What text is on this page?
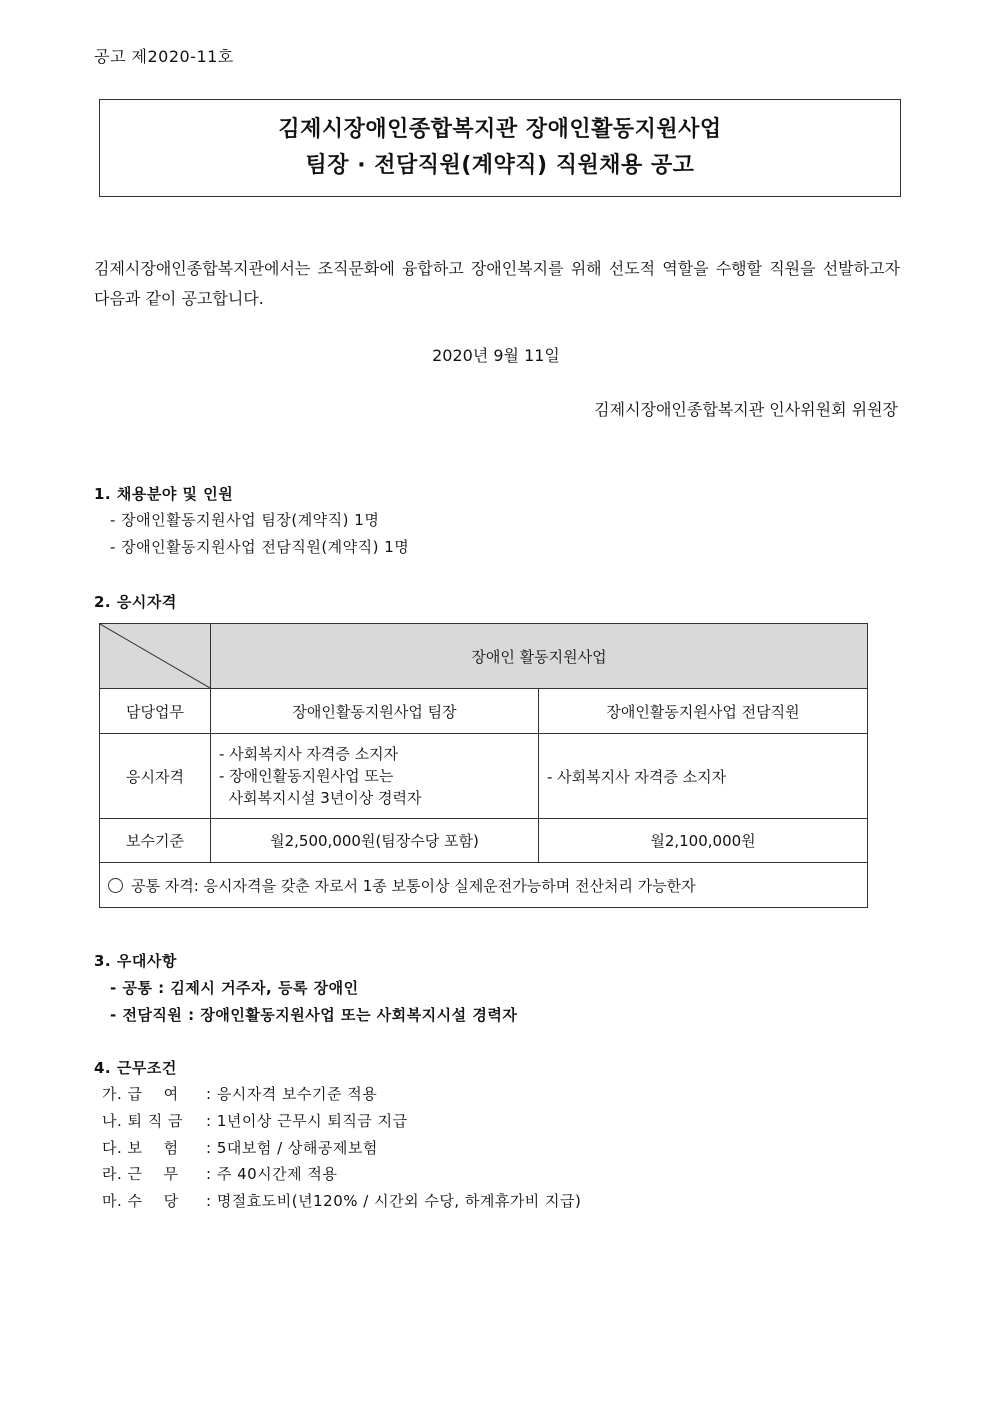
공고 제2020-11호
김제시장애인종합복지관 장애인활동지원사업
팀장 · 전담직원(계약직) 직원채용 공고
김제시장애인종합복지관에서는 조직문화에 융합하고 장애인복지를 위해 선도적 역할을 수행할 직원을 선발하고자 다음과 같이 공고합니다.
2020년 9월 11일
김제시장애인종합복지관 인사위원회 위원장
1. 채용분야 및 인원
- 장애인활동지원사업 팀장(계약직) 1명
- 장애인활동지원사업 전담직원(계약직) 1명
2. 응시자격
	장애인 활동지원사업	
담당업무	장애인활동지원사업 팀장	장애인활동지원사업 전담직원
응시자격	- 사회복지사 자격증 소지자
- 장애인활동지원사업 또는
사회복지시설 3년이상 경력자	- 사회복지사 자격증 소지자
보수기준	월2,500,000원(팀장수당 포함)	월2,100,000원
공통 자격: 응시자격을 갖춘 자로서 1종 보통이상 실제운전가능하며 전산처리 가능한자		
3. 우대사항
- 공통 : 김제시 거주자, 등록 장애인
- 전담직원 : 장애인활동지원사업 또는 사회복지시설 경력자
4. 근무조건
가. 급    여 : 응시자격 보수기준 적용
나. 퇴 직 금 : 1년이상 근무시 퇴직금 지급
다. 보    험 : 5대보험 / 상해공제보험
라. 근    무 : 주 40시간제 적용
마. 수    당 : 명절효도비(년120% / 시간외 수당, 하계휴가비 지급)
